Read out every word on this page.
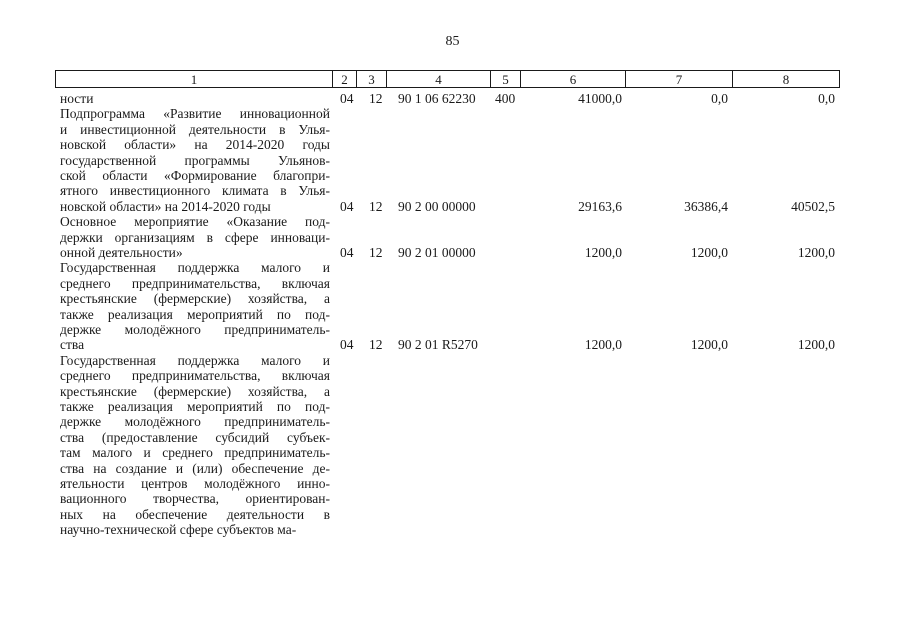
85
1	2	3	4	5	6	7	8
ности	04 12 90 1 06 62230 400	41000,0	0,0	0,0
Подпрограмма «Развитие инновационной
и инвестиционной деятельности в Улья-
новской области» на 2014-2020 годы
государственной программы Ульянов-
ской области «Формирование благопри-
ятного инвестиционного климата в Улья-
новской области» на 2014-2020 годы	04 12 90 2 00 00000	29163,6	36386,4	40502,5
Основное мероприятие «Оказание под-
держки организациям в сфере инноваци-
онной деятельности»	04 12 90 2 01 00000	1200,0	1200,0	1200,0
Государственная поддержка малого и
среднего предпринимательства, включая
крестьянские (фермерские) хозяйства, а
также реализация мероприятий по под-
держке молодёжного предприниматель-
ства	04 12 90 2 01 R5270	1200,0	1200,0	1200,0
Государственная поддержка малого и
среднего предпринимательства, включая
крестьянские (фермерские) хозяйства, а
также реализация мероприятий по под-
держке молодёжного предприниматель-
ства (предоставление субсидий субъек-
там малого и среднего предприниматель-
ства на создание и (или) обеспечение де-
ятельности центров молодёжного инно-
вационного творчества, ориентирован-
ных на обеспечение деятельности в
научно-технической сфере субъектов ма-
